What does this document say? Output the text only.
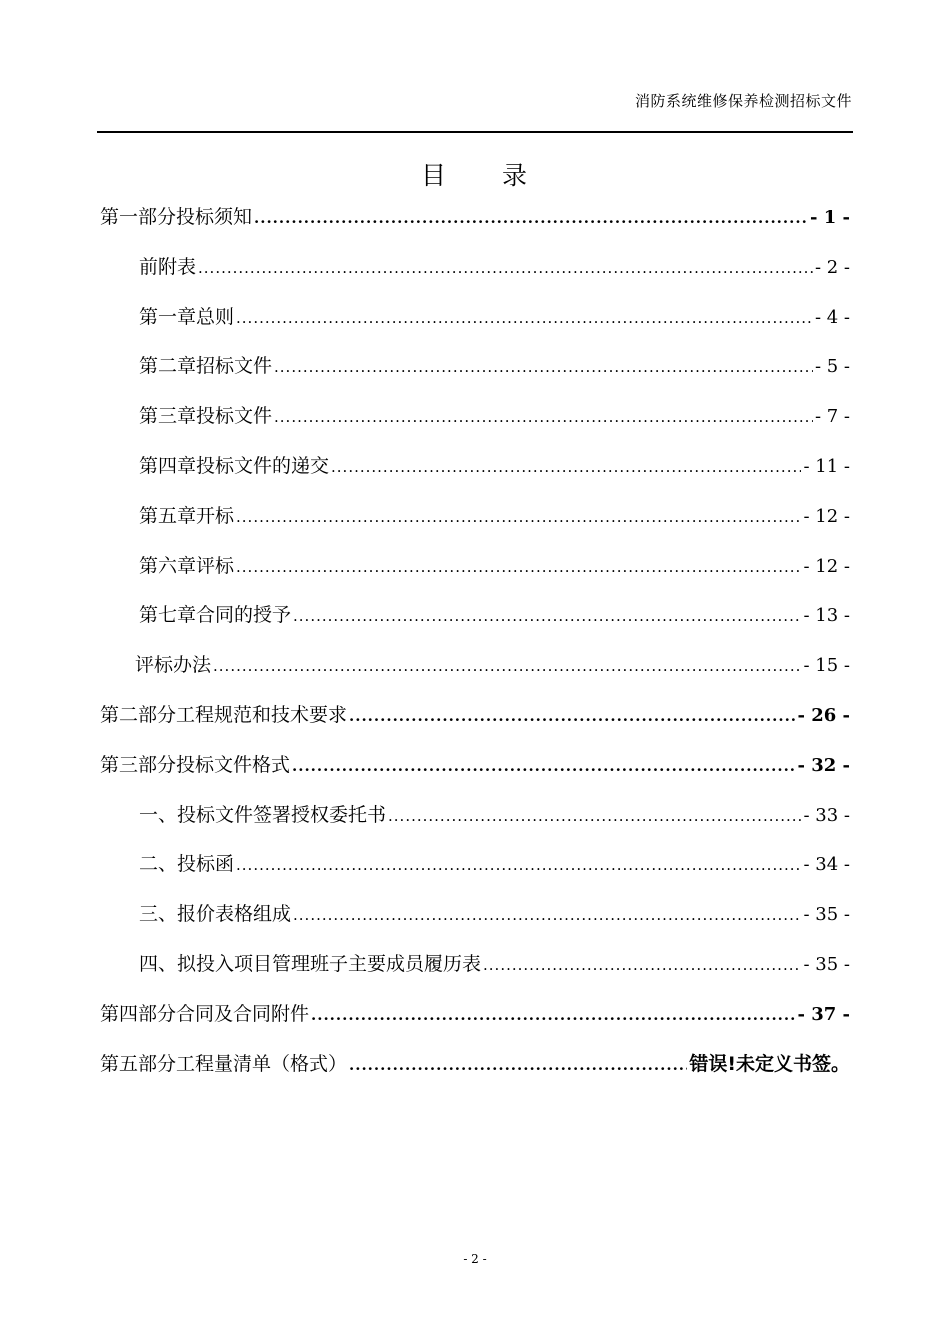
消防系统维修保养检测招标文件
目　　录
第一部分投标须知 .....	- 1 -
前附表 .....	- 2 -
第一章总则 .....	- 4 -
第二章招标文件 .....	- 5 -
第三章投标文件 .....	- 7 -
第四章投标文件的递交 .....	- 11 -
第五章开标 .....	- 12 -
第六章评标 .....	- 12 -
第七章合同的授予 .....	- 13 -
评标办法 .....	- 15 -
第二部分工程规范和技术要求 .....	- 26 -
第三部分投标文件格式 .....	- 32 -
一、投标文件签署授权委托书 .....	- 33 -
二、投标函 .....	- 34 -
三、报价表格组成 .....	- 35 -
四、拟投入项目管理班子主要成员履历表 .....	- 35 -
第四部分合同及合同附件 .....	- 37 -
第五部分工程量清单（格式） .....	错误!未定义书签。
- 2 -
